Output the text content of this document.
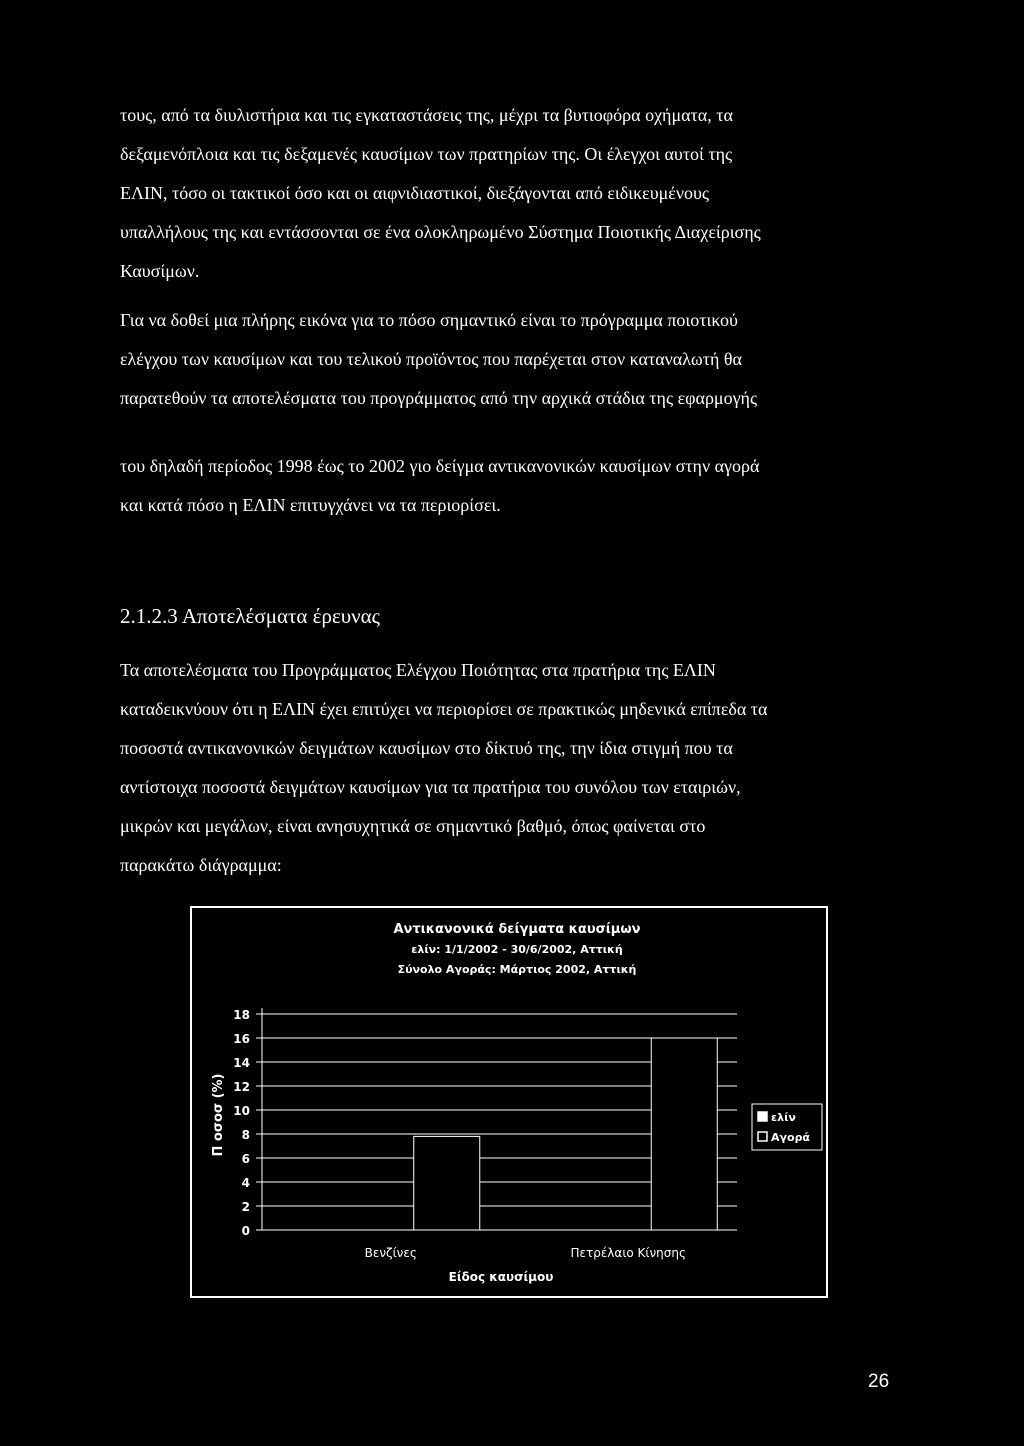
τους, από τα διυλιστήρια και τις εγκαταστάσεις της, μέχρι τα βυτιοφόρα οχήματα, τα
δεξαμενόπλοια και τις δεξαμενές καυσίμων των πρατηρίων της. Οι έλεγχοι αυτοί της
ΕΛΙΝ, τόσο οι τακτικοί όσο και οι αιφνιδιαστικοί, διεξάγονται από ειδικευμένους
υπαλλήλους της και εντάσσονται σε ένα ολοκληρωμένο Σύστημα Ποιοτικής Διαχείρισης
Καυσίμων.
Για να δοθεί μια πλήρης εικόνα για το πόσο σημαντικό είναι το πρόγραμμα ποιοτικού
ελέγχου των καυσίμων και του τελικού προϊόντος που παρέχεται στον καταναλωτή θα
παρατεθούν τα αποτελέσματα του προγράμματος από την αρχικά στάδια της εφαρμογής
του δηλαδή περίοδος 1998 έως το 2002 γιο δείγμα αντικανονικών καυσίμων στην αγορά
και κατά πόσο η ΕΛΙΝ επιτυγχάνει να τα περιορίσει.
2.1.2.3 Αποτελέσματα έρευνας
Τα αποτελέσματα του Προγράμματος Ελέγχου Ποιότητας στα πρατήρια της ΕΛΙΝ
καταδεικνύουν ότι η ΕΛΙΝ έχει επιτύχει να περιορίσει σε πρακτικώς μηδενικά επίπεδα τα
ποσοστά αντικανονικών δειγμάτων καυσίμων στο δίκτυό της, την ίδια στιγμή που τα
αντίστοιχα ποσοστά δειγμάτων καυσίμων για τα πρατήρια του συνόλου των εταιριών,
μικρών και μεγάλων, είναι ανησυχητικά σε σημαντικό βαθμό, όπως φαίνεται στο
παρακάτω διάγραμμα:
Αντικανονικά δείγματα καυσίμων
ελίν: 1/1/2002 - 30/6/2002, Αττική
Σύνολο Αγοράς: Μάρτιος 2002, Αττική
Π οσοσ (%)
Είδος καυσίμου
0
2
4
6
8
10
12
14
16
18
Βενζίνες	Πετρέλαιο Κίνησης
ελίν
Αγορά
26
